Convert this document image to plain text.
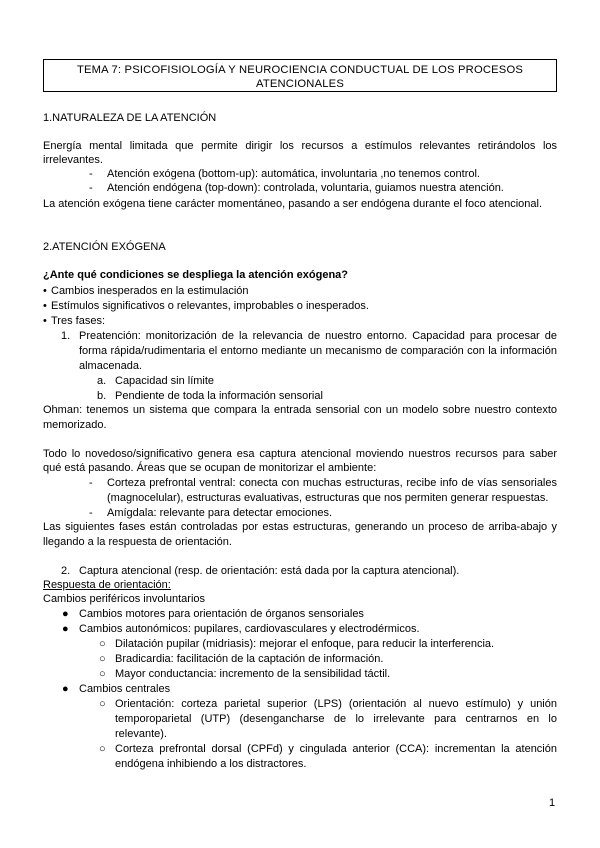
TEMA 7: PSICOFISIOLOGÍA Y NEUROCIENCIA CONDUCTUAL DE LOS PROCESOS
ATENCIONALES
1.NATURALEZA DE LA ATENCIÓN
Energía mental limitada que permite dirigir los recursos a estímulos relevantes retirándolos los
irrelevantes.
- Atención exógena (bottom-up): automática, involuntaria ,no tenemos control.
- Atención endógena (top-down): controlada, voluntaria, guiamos nuestra atención.
La atención exógena tiene carácter momentáneo, pasando a ser endógena durante el foco atencional.
2.ATENCIÓN EXÓGENA
¿Ante qué condiciones se despliega la atención exógena?
• Cambios inesperados en la estimulación
• Estímulos significativos o relevantes, improbables o inesperados.
• Tres fases:
1. Preatención: monitorización de la relevancia de nuestro entorno. Capacidad para procesar de
forma rápida/rudimentaria el entorno mediante un mecanismo de comparación con la información
almacenada.
a. Capacidad sin límite
b. Pendiente de toda la información sensorial
Ohman: tenemos un sistema que compara la entrada sensorial con un modelo sobre nuestro contexto
memorizado.
Todo lo novedoso/significativo genera esa captura atencional moviendo nuestros recursos para saber
qué está pasando. Áreas que se ocupan de monitorizar el ambiente:
- Corteza prefrontal ventral: conecta con muchas estructuras, recibe info de vías sensoriales
(magnocelular), estructuras evaluativas, estructuras que nos permiten generar respuestas.
- Amígdala: relevante para detectar emociones.
Las siguientes fases están controladas por estas estructuras, generando un proceso de arriba-abajo y
llegando a la respuesta de orientación.
2. Captura atencional (resp. de orientación: está dada por la captura atencional).
Respuesta de orientación:
Cambios periféricos involuntarios
● Cambios motores para orientación de órganos sensoriales
● Cambios autonómicos: pupilares, cardiovasculares y electrodérmicos.
○ Dilatación pupilar (midriasis): mejorar el enfoque, para reducir la interferencia.
○ Bradicardia: facilitación de la captación de información.
○ Mayor conductancia: incremento de la sensibilidad táctil.
● Cambios centrales
○ Orientación: corteza parietal superior (LPS) (orientación al nuevo estímulo) y unión
temporoparietal (UTP) (desengancharse de lo irrelevante para centrarnos en lo
relevante).
○ Corteza prefrontal dorsal (CPFd) y cingulada anterior (CCA): incrementan la atención
endógena inhibiendo a los distractores.
1
